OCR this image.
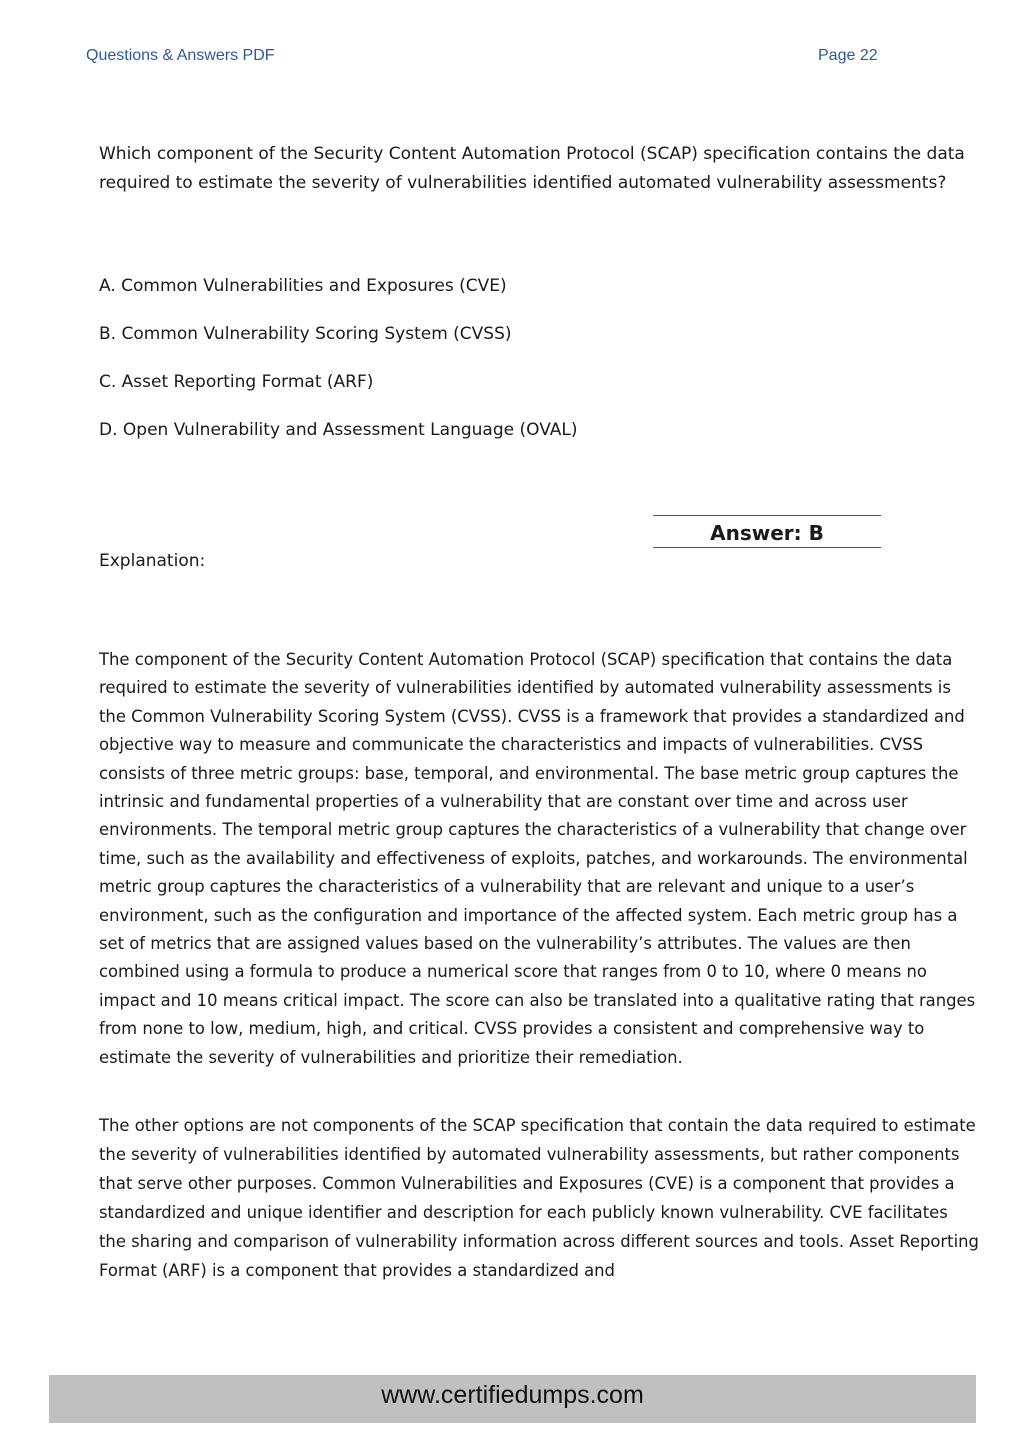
Questions & Answers PDF	Page 22
Which component of the Security Content Automation Protocol (SCAP) specification contains the data required to estimate the severity of vulnerabilities identified automated vulnerability assessments?
A. Common Vulnerabilities and Exposures (CVE)
B. Common Vulnerability Scoring System (CVSS)
C. Asset Reporting Format (ARF)
D. Open Vulnerability and Assessment Language (OVAL)
Answer: B
Explanation:

The component of the Security Content Automation Protocol (SCAP) specification that contains the data required to estimate the severity of vulnerabilities identified by automated vulnerability assessments is the Common Vulnerability Scoring System (CVSS). CVSS is a framework that provides a standardized and objective way to measure and communicate the characteristics and impacts of vulnerabilities. CVSS consists of three metric groups: base, temporal, and environmental. The base metric group captures the intrinsic and fundamental properties of a vulnerability that are constant over time and across user environments. The temporal metric group captures the characteristics of a vulnerability that change over time, such as the availability and effectiveness of exploits, patches, and workarounds. The environmental metric group captures the characteristics of a vulnerability that are relevant and unique to a user’s environment, such as the configuration and importance of the affected system. Each metric group has a set of metrics that are assigned values based on the vulnerability’s attributes. The values are then combined using a formula to produce a numerical score that ranges from 0 to 10, where 0 means no impact and 10 means critical impact. The score can also be translated into a qualitative rating that ranges from none to low, medium, high, and critical. CVSS provides a consistent and comprehensive way to estimate the severity of vulnerabilities and prioritize their remediation.

The other options are not components of the SCAP specification that contain the data required to estimate the severity of vulnerabilities identified by automated vulnerability assessments, but rather components that serve other purposes. Common Vulnerabilities and Exposures (CVE) is a component that provides a standardized and unique identifier and description for each publicly known vulnerability. CVE facilitates the sharing and comparison of vulnerability information across different sources and tools. Asset Reporting Format (ARF) is a component that provides a standardized and

www.certifiedumps.com
